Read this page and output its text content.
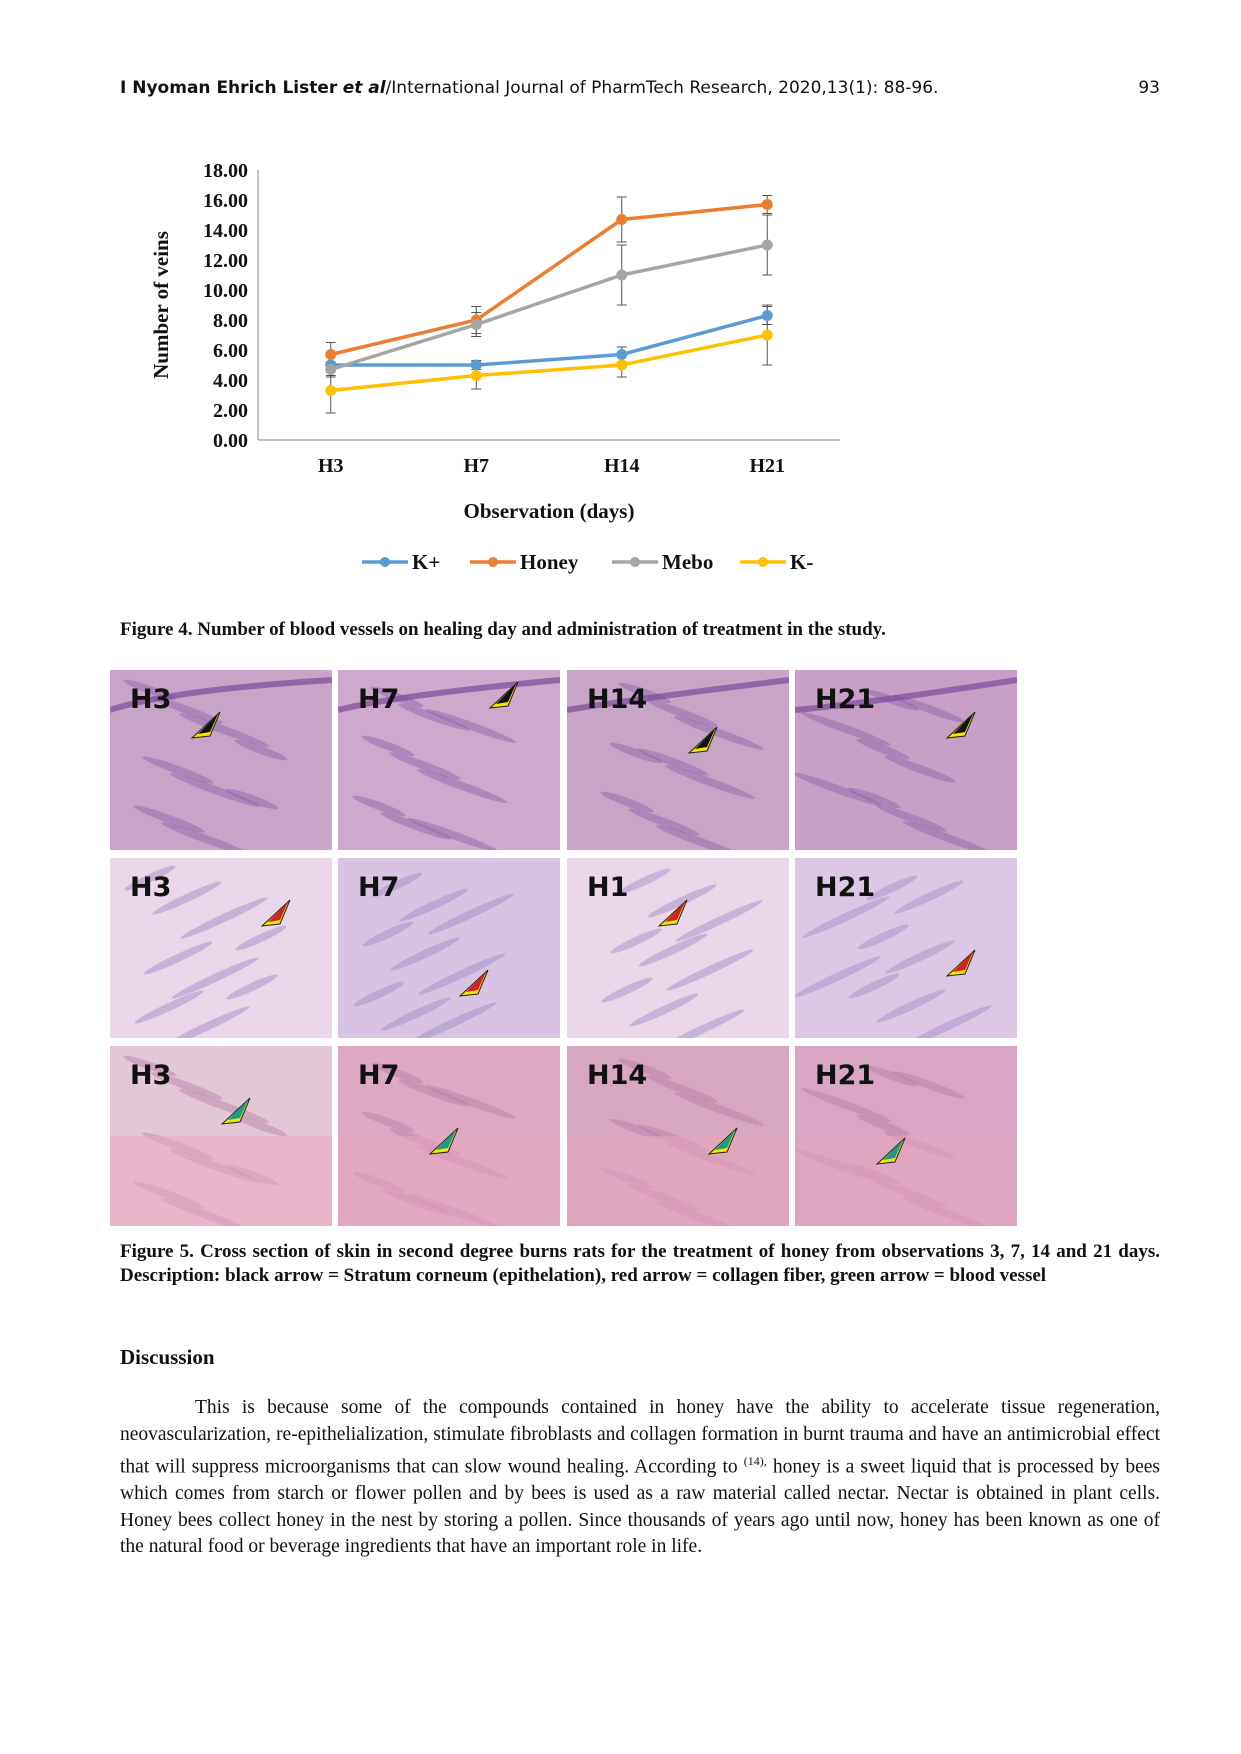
I Nyoman Ehrich Lister et al/International Journal of PharmTech Research, 2020,13(1): 88-96.	93
0.00
2.00
4.00
6.00
8.00
10.00
12.00
14.00
16.00
18.00
H3	H7	H14	H21
Observation (days)
Number of veins
K+	Honey	Mebo	K-
Figure 4. Number of blood vessels on healing day and administration of treatment in the study.
H3	H7	H14	H21
H3	H7	H1	H21
H3	H7	H14	H21
Figure 5. Cross section of skin in second degree burns rats for the treatment of honey from observations 3, 7, 14 and 21 days. Description: black arrow = Stratum corneum (epithelation), red arrow = collagen fiber, green arrow = blood vessel
Discussion
This is because some of the compounds contained in honey have the ability to accelerate tissue regeneration, neovascularization, re-epithelialization, stimulate fibroblasts and collagen formation in burnt trauma and have an antimicrobial effect that will suppress microorganisms that can slow wound healing. According to $^{(14),}$ honey is a sweet liquid that is processed by bees which comes from starch or flower pollen and by bees is used as a raw material called nectar. Nectar is obtained in plant cells. Honey bees collect honey in the nest by storing a pollen. Since thousands of years ago until now, honey has been known as one of the natural food or beverage ingredients that have an important role in life.
